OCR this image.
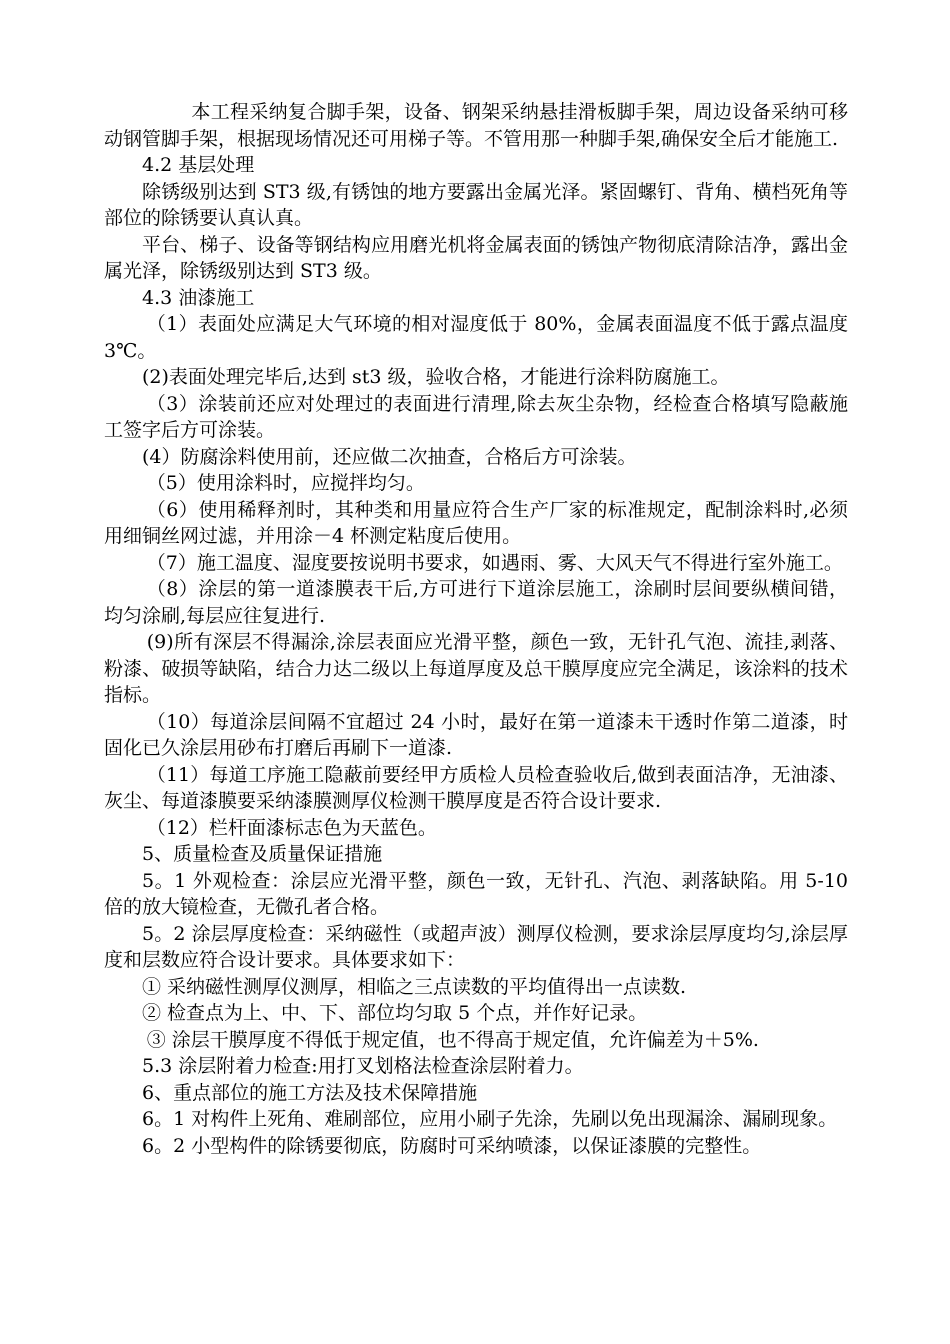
本工程采纳复合脚手架，设备、钢架采纳悬挂滑板脚手架，周边设备采纳可移动钢管脚手架，根据现场情况还可用梯子等。不管用那一种脚手架,确保安全后才能施工.

4.2 基层处理

除锈级别达到 ST3 级,有锈蚀的地方要露出金属光泽。紧固螺钉、背角、横档死角等部位的除锈要认真认真。

平台、梯子、设备等钢结构应用磨光机将金属表面的锈蚀产物彻底清除洁净，露出金属光泽，除锈级别达到 ST3 级。

4.3 油漆施工

（1）表面处应满足大气环境的相对湿度低于 80%，金属表面温度不低于露点温度 3℃。

(2)表面处理完毕后,达到 st3 级，验收合格，才能进行涂料防腐施工。

（3）涂装前还应对处理过的表面进行清理,除去灰尘杂物，经检查合格填写隐蔽施工签字后方可涂装。

(4）防腐涂料使用前，还应做二次抽查，合格后方可涂装。

（5）使用涂料时，应搅拌均匀。

（6）使用稀释剂时，其种类和用量应符合生产厂家的标准规定，配制涂料时,必须用细铜丝网过滤，并用涂－4 杯测定粘度后使用。

（7）施工温度、湿度要按说明书要求，如遇雨、雾、大风天气不得进行室外施工。

（8）涂层的第一道漆膜表干后,方可进行下道涂层施工，涂刷时层间要纵横间错，均匀涂刷,每层应往复进行.

(9)所有深层不得漏涂,涂层表面应光滑平整，颜色一致，无针孔气泡、流挂,剥落、粉漆、破损等缺陷，结合力达二级以上每道厚度及总干膜厚度应完全满足，该涂料的技术指标。

（10）每道涂层间隔不宜超过 24 小时，最好在第一道漆未干透时作第二道漆，时固化已久涂层用砂布打磨后再刷下一道漆.

（11）每道工序施工隐蔽前要经甲方质检人员检查验收后,做到表面洁净，无油漆、灰尘、每道漆膜要采纳漆膜测厚仪检测干膜厚度是否符合设计要求.

（12）栏杆面漆标志色为天蓝色。

5、质量检查及质量保证措施

5。1 外观检查：涂层应光滑平整，颜色一致，无针孔、汽泡、剥落缺陷。用 5-10 倍的放大镜检查，无微孔者合格。

5。2 涂层厚度检查：采纳磁性（或超声波）测厚仪检测，要求涂层厚度均匀,涂层厚度和层数应符合设计要求。具体要求如下：

① 采纳磁性测厚仪测厚，相临之三点读数的平均值得出一点读数.

② 检查点为上、中、下、部位均匀取 5 个点，并作好记录。

③ 涂层干膜厚度不得低于规定值，也不得高于规定值，允许偏差为＋5%.

5.3 涂层附着力检查:用打叉划格法检查涂层附着力。

6、重点部位的施工方法及技术保障措施

6。1 对构件上死角、难刷部位，应用小刷子先涂，先刷以免出现漏涂、漏刷现象。

6。2 小型构件的除锈要彻底，防腐时可采纳喷漆，以保证漆膜的完整性。
